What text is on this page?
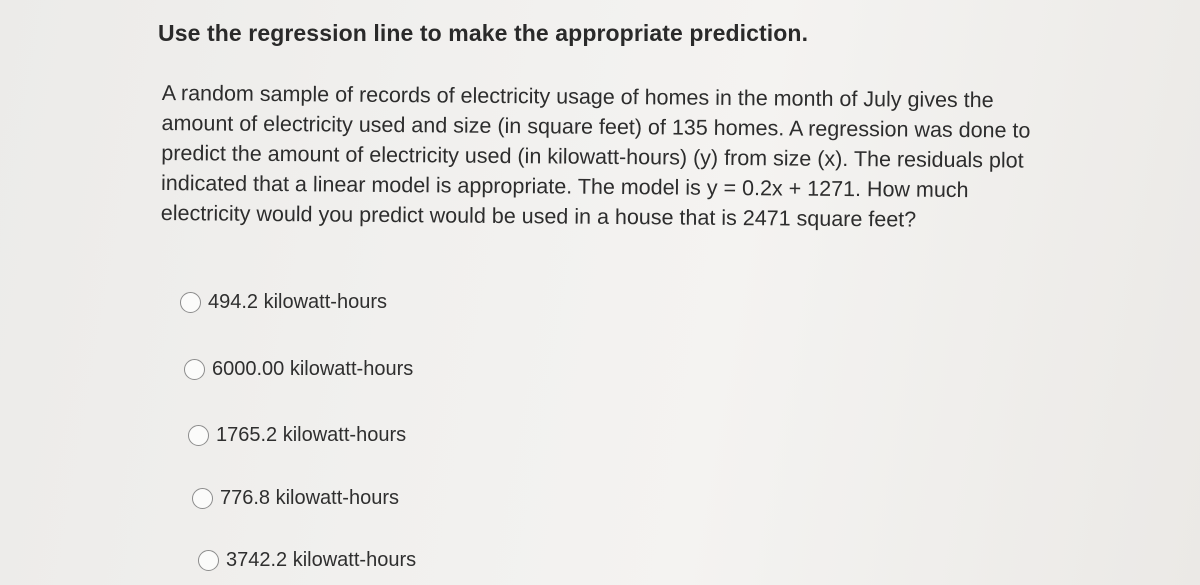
Use the regression line to make the appropriate prediction.
A random sample of records of electricity usage of homes in the month of July gives the amount of electricity used and size (in square feet) of 135 homes. A regression was done to predict the amount of electricity used (in kilowatt-hours) (y) from size (x). The residuals plot indicated that a linear model is appropriate. The model is y = 0.2x + 1271. How much electricity would you predict would be used in a house that is 2471 square feet?
494.2 kilowatt-hours
6000.00 kilowatt-hours
1765.2 kilowatt-hours
776.8 kilowatt-hours
3742.2 kilowatt-hours
